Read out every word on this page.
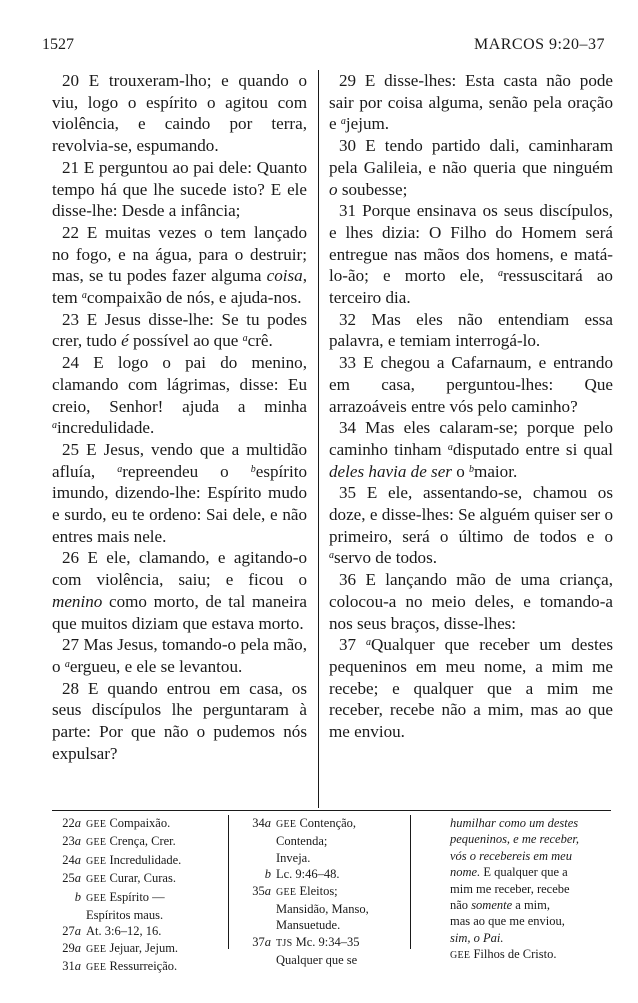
1527	MARCOS 9:20–37

20 E trouxeram-lho; e quando o viu, logo o espírito o agitou com violência, e caindo por terra, revolvia-se, espumando.

21 E perguntou ao pai dele: Quanto tempo há que lhe sucede isto? E ele disse-lhe: Desde a infância;

22 E muitas vezes o tem lançado no fogo, e na água, para o destruir; mas, se tu podes fazer alguma coisa, tem $^a$compaixão de nós, e ajuda-nos.

23 E Jesus disse-lhe: Se tu podes crer, tudo é possível ao que $^a$crê.

24 E logo o pai do menino, clamando com lágrimas, disse: Eu creio, Senhor! ajuda a minha $^a$incredulidade.

25 E Jesus, vendo que a multidão afluía, $^a$repreendeu o $^b$espírito imundo, dizendo-lhe: Espírito mudo e surdo, eu te ordeno: Sai dele, e não entres mais nele.

26 E ele, clamando, e agitando-o com violência, saiu; e ficou o menino como morto, de tal maneira que muitos diziam que estava morto.

27 Mas Jesus, tomando-o pela mão, o $^a$ergueu, e ele se levantou.

28 E quando entrou em casa, os seus discípulos lhe perguntaram à parte: Por que não o pudemos nós expulsar?

29 E disse-lhes: Esta casta não pode sair por coisa alguma, senão pela oração e $^a$jejum.

30 E tendo partido dali, caminharam pela Galileia, e não queria que ninguém o soubesse;

31 Porque ensinava os seus discípulos, e lhes dizia: O Filho do Homem será entregue nas mãos dos homens, e matá-lo-ão; e morto ele, $^a$ressuscitará ao terceiro dia.

32 Mas eles não entendiam essa palavra, e temiam interrogá-lo.

33 E chegou a Cafarnaum, e entrando em casa, perguntou-lhes: Que arrazoáveis entre vós pelo caminho?

34 Mas eles calaram-se; porque pelo caminho tinham $^a$disputado entre si qual deles havia de ser o $^b$maior.

35 E ele, assentando-se, chamou os doze, e disse-lhes: Se alguém quiser ser o primeiro, será o último de todos e o $^a$servo de todos.

36 E lançando mão de uma criança, colocou-a no meio deles, e tomando-a nos seus braços, disse-lhes:

37 $^a$Qualquer que receber um destes pequeninos em meu nome, a mim me recebe; e qualquer que a mim me receber, recebe não a mim, mas ao que me enviou.

22a GEE Compaixão.
23a GEE Crença, Crer.
24a GEE Incredulidade.
25a GEE Curar, Curas.
b GEE Espírito —
Espíritos maus.
27a At. 3:6–12, 16.
29a GEE Jejuar, Jejum.
31a GEE Ressurreição.
34a GEE Contenção,
Contenda;
Inveja.
b Lc. 9:46–48.
35a GEE Eleitos;
Mansidão, Manso,
Mansuetude.
37a TJS Mc. 9:34–35
Qualquer que se
humilhar como um destes
pequeninos, e me receber,
vós o recebereis em meu
nome. E qualquer que a
mim me receber, recebe
não somente a mim,
mas ao que me enviou,
sim, o Pai.
GEE Filhos de Cristo.
